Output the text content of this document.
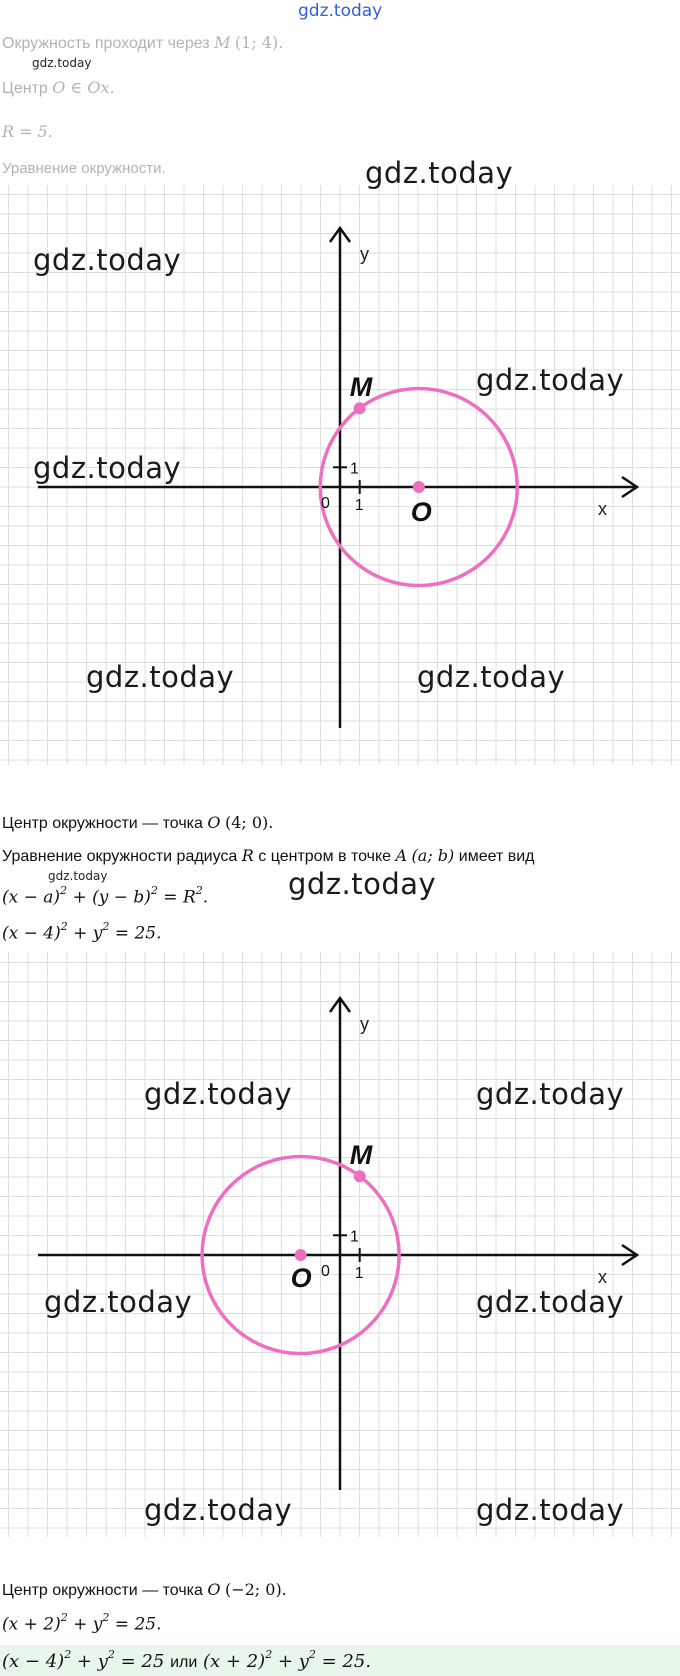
gdz.today
Окружность проходит через M (1; 4).
gdz.today
Центр O ∈ Ox.
R = 5.
Уравнение окружности.
y
x
0 1
1
M
O
gdz.today
gdz.today
gdz.today
gdz.today
gdz.today	gdz.today
Центр окружности — точка O (4; 0).
Уравнение окружности радиуса R с центром в точке A (a; b) имеет вид
gdz.today
$(x - a)^2 + (y - b)^2 = R^2$.	gdz.today
$(x - 4)^2 + y^2 = 25$.
y
x
0 1
1
M
O
gdz.today	gdz.today
gdz.today	gdz.today
gdz.today	gdz.today
Центр окружности — точка O (−2; 0).
$(x + 2)^2 + y^2 = 25$.
$(x - 4)^2 + y^2 = 25$ или $(x + 2)^2 + y^2 = 25$.
